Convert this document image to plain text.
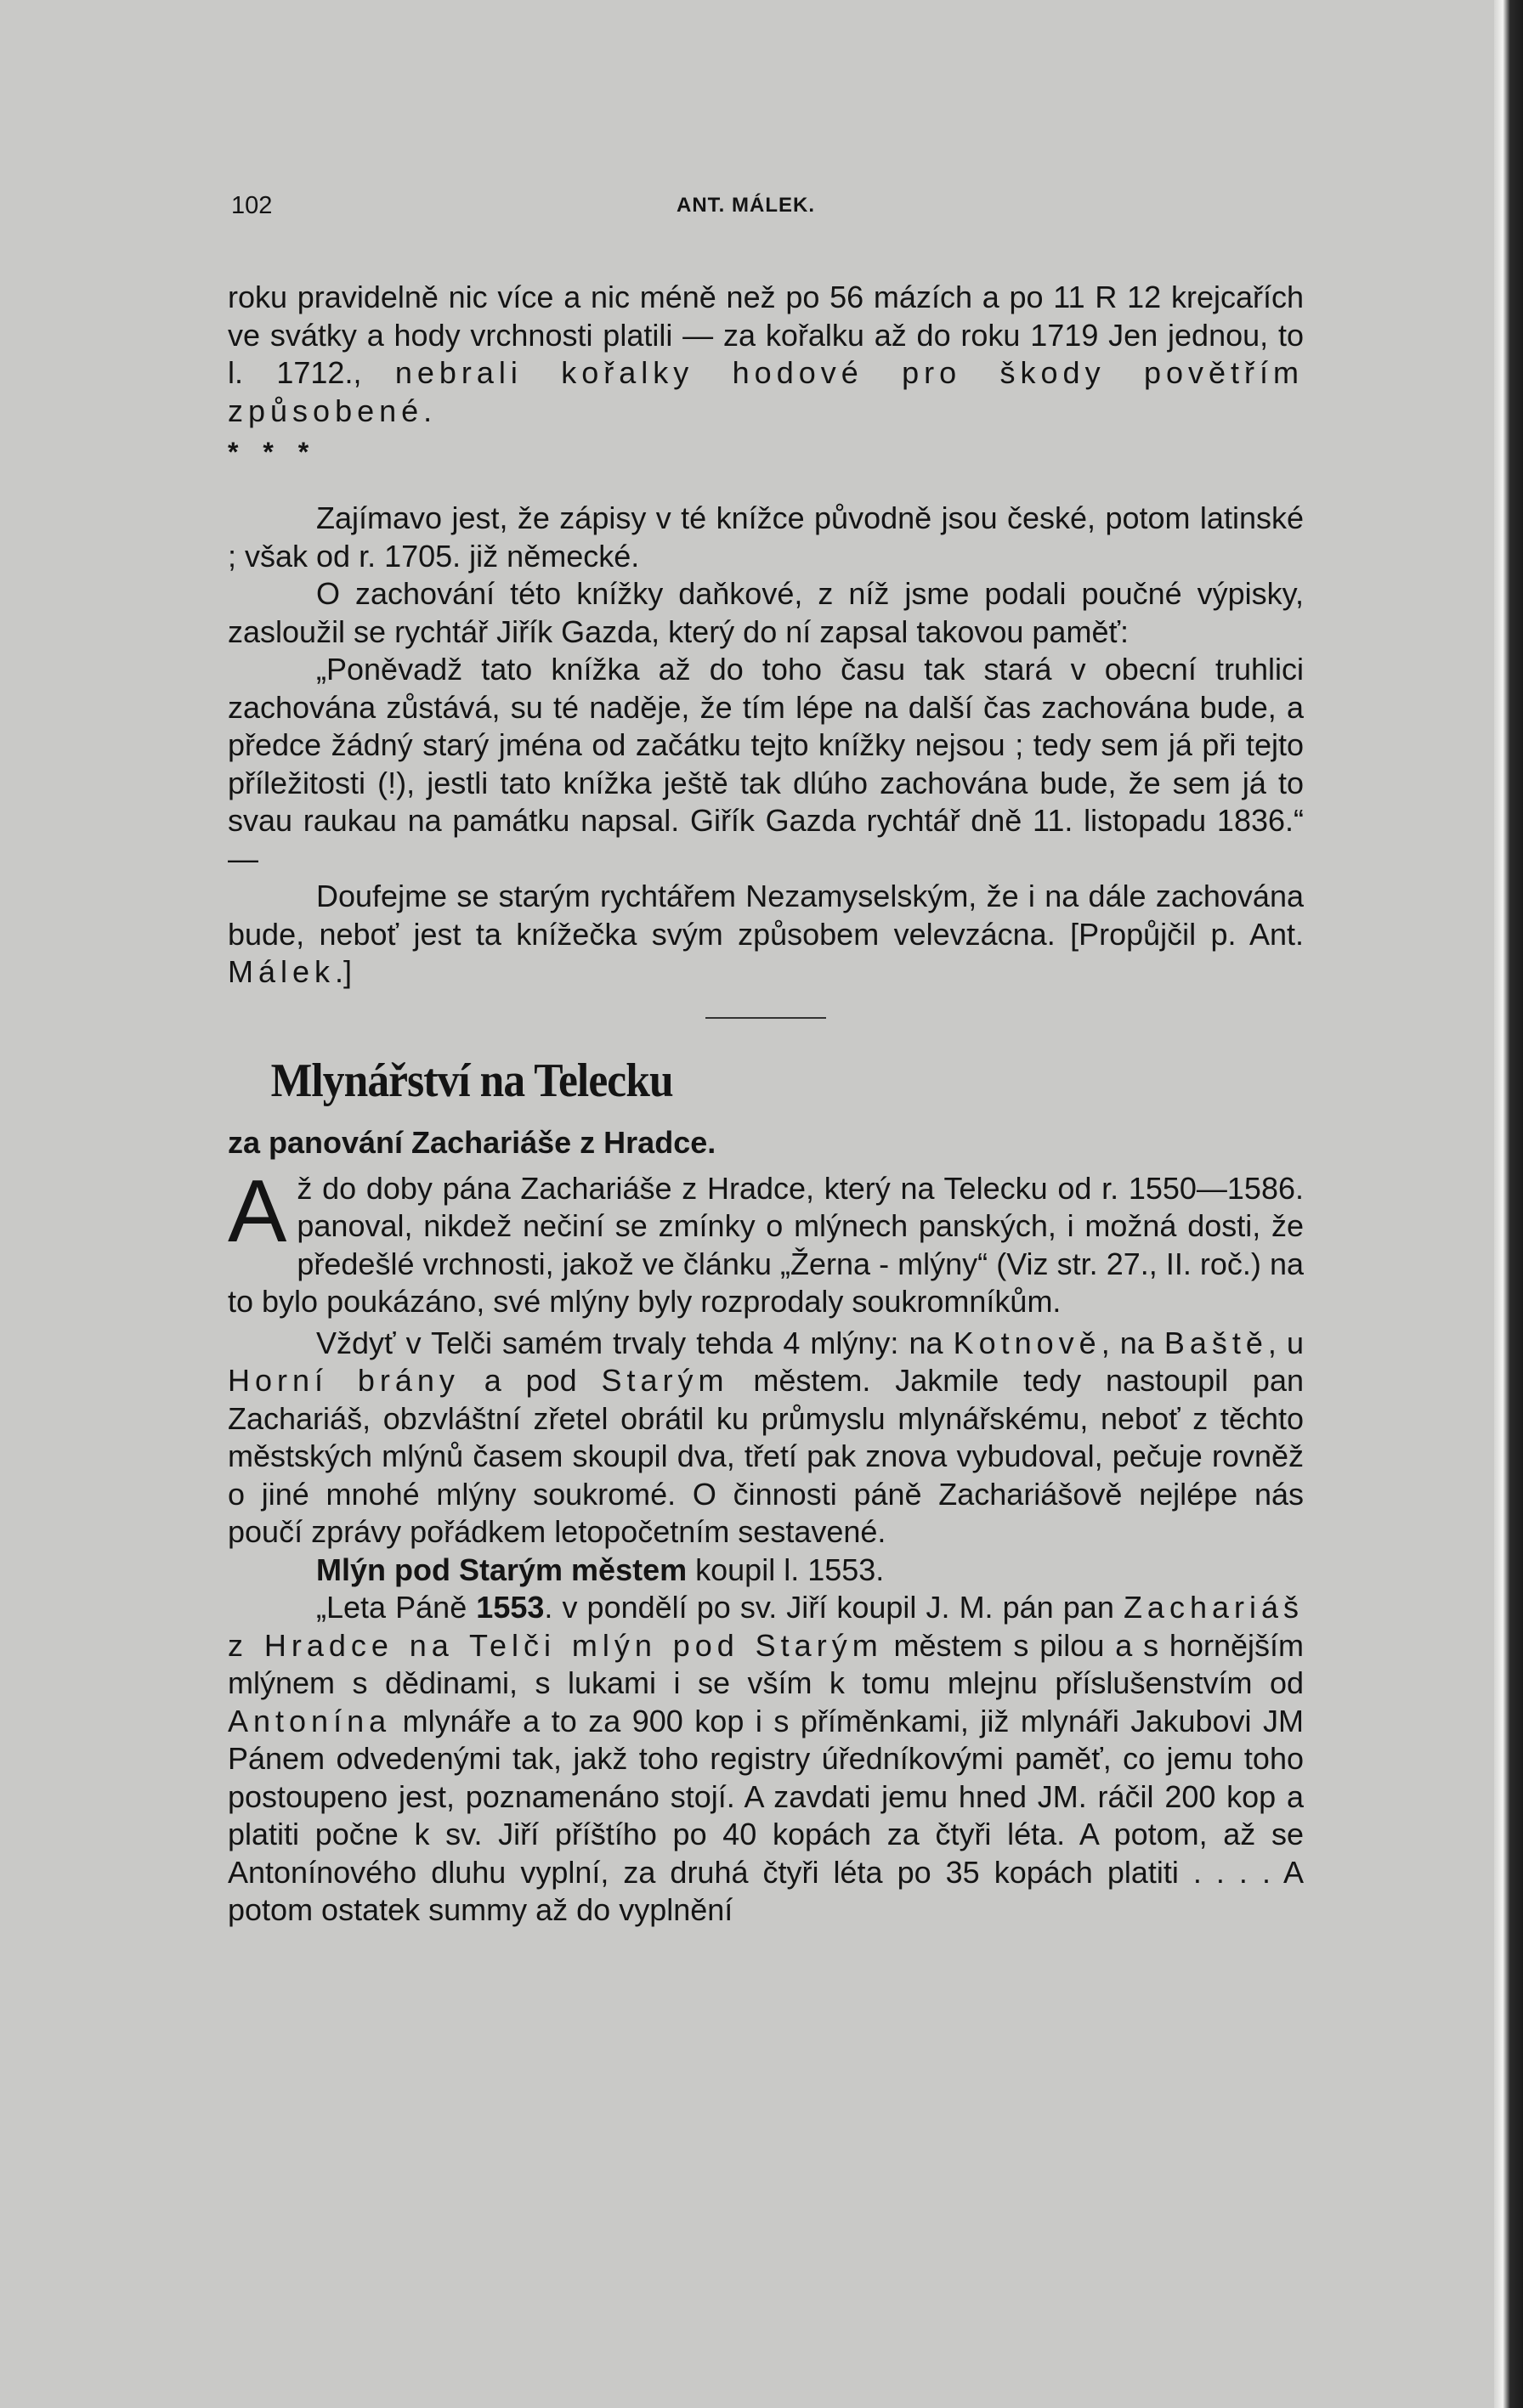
102	ANT. MÁLEK.

roku pravidelně nic více a nic méně než po 56 mázích a po 11 R 12 krejcařích ve svátky a hody vrchnosti platili — za kořalku až do roku 1719 Jen jednou, to l. 1712., nebrali kořalky hodové pro škody povětřím způsobené.

* * *

Zajímavo jest, že zápisy v té knížce původně jsou české, potom latinské ; však od r. 1705. již německé.

O zachování této knížky daňkové, z níž jsme podali poučné výpisky, zasloužil se rychtář Jiřík Gazda, který do ní zapsal takovou paměť:

„Poněvadž tato knížka až do toho času tak stará v obecní truhlici zachována zůstává, su té naděje, že tím lépe na další čas zachována bude, a předce žádný starý jména od začátku tejto knížky nejsou ; tedy sem já při tejto příležitosti (!), jestli tato knížka ještě tak dlúho zachována bude, že sem já to svau raukau na památku napsal. Giřík Gazda rychtář dně 11. listopadu 1836.“ —

Doufejme se starým rychtářem Nezamyselským, že i na dále zachována bude, neboť jest ta knížečka svým způsobem velevzácna. [Propůjčil p. Ant. Málek.]

Mlynářství na Telecku
za panování Zachariáše z Hradce.

Až do doby pána Zachariáše z Hradce, který na Telecku od r. 1550—1586. panoval, nikdež nečiní se zmínky o mlýnech panských, i možná dosti, že předešlé vrchnosti, jakož ve článku „Žerna - mlýny“ (Viz str. 27., II. roč.) na to bylo poukázáno, své mlýny byly rozprodaly soukromníkům.

Vždyť v Telči samém trvaly tehda 4 mlýny: na Kotnově, na Baště, u Horní brány a pod Starým městem. Jakmile tedy nastoupil pan Zachariáš, obzvláštní zřetel obrátil ku průmyslu mlynářskému, neboť z těchto městských mlýnů časem skoupil dva, třetí pak znova vybudoval, pečuje rovněž o jiné mnohé mlýny soukromé. O činnosti páně Zachariášově nejlépe nás poučí zprávy pořádkem letopočetním sestavené.

Mlýn pod Starým městem koupil l. 1553.

„Leta Páně 1553. v pondělí po sv. Jiří koupil J. M. pán pan Zachariáš z Hradce na Telči mlýn pod Starým městem s pilou a s hornějším mlýnem s dědinami, s lukami i se vším k tomu mlejnu příslušenstvím od Antonína mlynáře a to za 900 kop i s příměnkami, již mlynáři Jakubovi JM Pánem odvedenými tak, jakž toho registry úředníkovými paměť, co jemu toho postoupeno jest, poznamenáno stojí. A zavdati jemu hned JM. ráčil 200 kop a platiti počne k sv. Jiří příštího po 40 kopách za čtyři léta. A potom, až se Antonínového dluhu vyplní, za druhá čtyři léta po 35 kopách platiti . . . . A potom ostatek summy až do vyplnění
